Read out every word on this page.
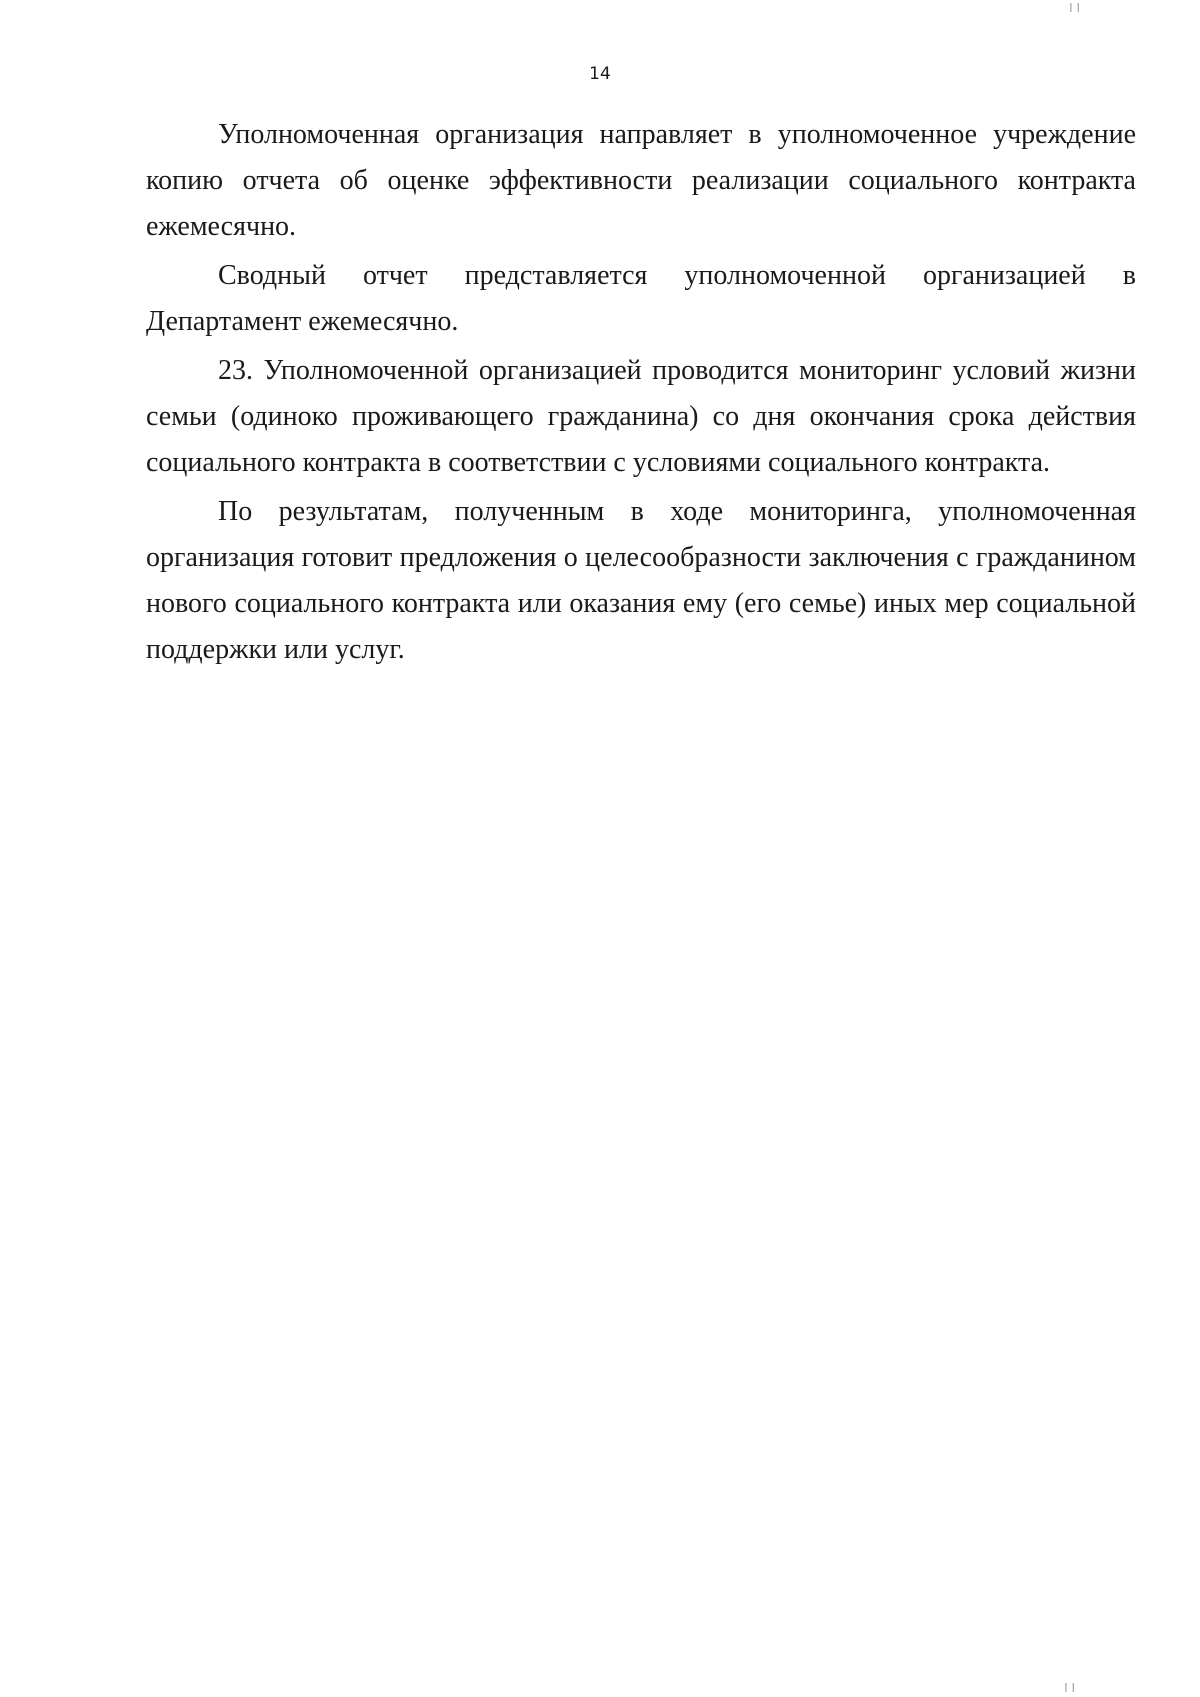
׀ ׀
14

Уполномоченная организация направляет в уполномоченное учреждение копию отчета об оценке эффективности реализации социального контракта ежемесячно.

Сводный отчет представляется уполномоченной организацией в Департамент ежемесячно.

23. Уполномоченной организацией проводится мониторинг условий жизни семьи (одиноко проживающего гражданина) со дня окончания срока действия социального контракта в соответствии с условиями социального контракта.

По результатам, полученным в ходе мониторинга, уполномоченная организация готовит предложения о целесообразности заключения с гражданином нового социального контракта или оказания ему (его семье) иных мер социальной поддержки или услуг.

׀ ׀
